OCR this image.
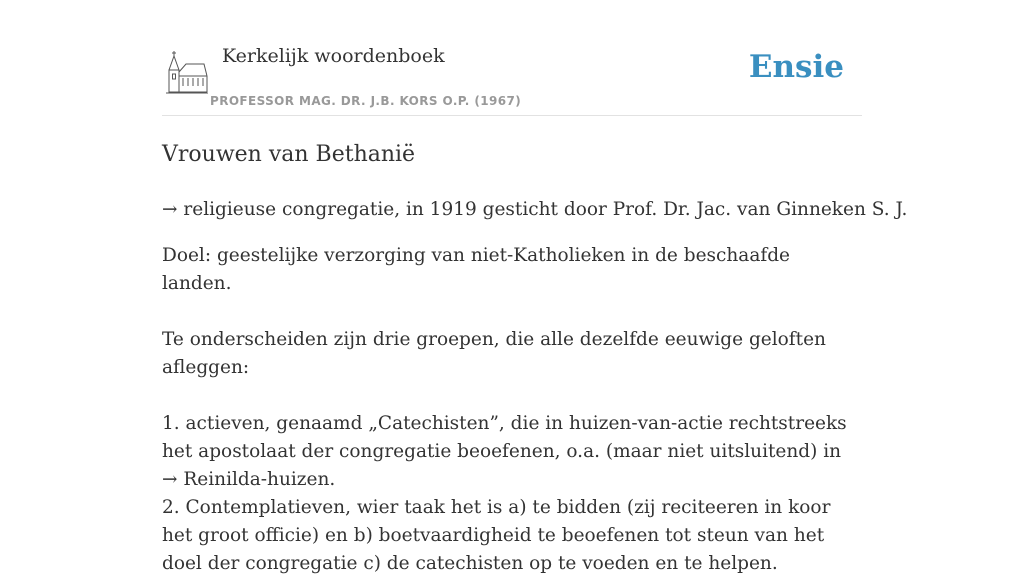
Kerkelijk woordenboek
PROFESSOR MAG. DR. J.B. KORS O.P. (1967)
Ensie
Vrouwen van Bethanië
→ religieuse congregatie, in 1919 gesticht door Prof. Dr. Jac. van Ginneken S. J.

Doel: geestelijke verzorging van niet-Katholieken in de beschaafde landen.

Te onderscheiden zijn drie groepen, die alle dezelfde eeuwige geloften afleggen:

1. actieven, genaamd „Catechisten”, die in huizen-van-actie rechtstreeks het apostolaat der congregatie beoefenen, o.a. (maar niet uitsluitend) in → Reinilda-huizen.

2. Contemplatieven, wier taak het is a) te bidden (zij reciteeren in koor het groot officie) en b) boetvaardigheid te beoefenen tot steun van het doel der congregatie c) de catechisten op te voeden en te helpen.
